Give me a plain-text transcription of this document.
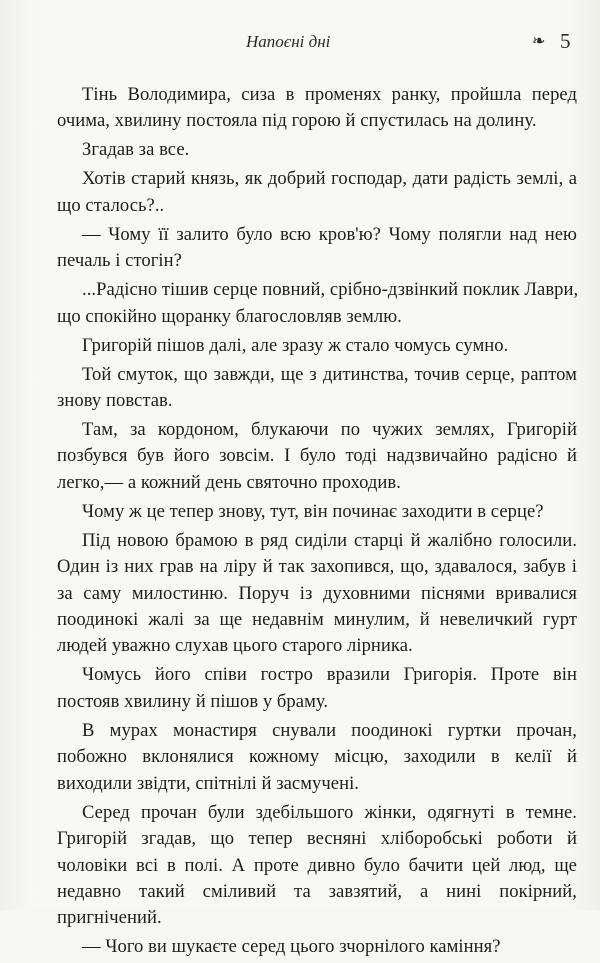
Напоєні дні	❧ 5
Тінь Володимира, сиза в променях ранку, пройшла перед
очима, хвилину постояла під горою й спустилась на долину.
Згадав за все.
Хотів старий князь, як добрий господар, дати радість землі, а
що сталось?..
— Чому її залито було всю кров'ю? Чому полягли над нею
печаль і стогін?
...Радісно тішив серце повний, срібно-дзвінкий поклик Лаври,
що спокійно щоранку благословляв землю.
Григорій пішов далі, але зразу ж стало чомусь сумно.
Той смуток, що завжди, ще з дитинства, точив серце, раптом
знову повстав.
Там, за кордоном, блукаючи по чужих землях, Григорій
позбувся був його зовсім. І було тоді надзвичайно радісно й
легко,— а кожний день святочно проходив.
Чому ж це тепер знову, тут, він починає заходити в серце?
Під новою брамою в ряд сиділи старці й жалібно голосили.
Один із них грав на ліру й так захопився, що, здавалося, забув і
за саму милостиню. Поруч із духовними піснями вривалися
поодинокі жалі за ще недавнім минулим, й невеличкий гурт
людей уважно слухав цього старого лірника.
Чомусь його співи гостро вразили Григорія. Проте він
постояв хвилину й пішов у браму.
В мурах монастиря снували поодинокі гуртки прочан,
побожно вклонялися кожному місцю, заходили в келії й
виходили звідти, спітнілі й засмучені.
Серед прочан були здебільшого жінки, одягнуті в темне.
Григорій згадав, що тепер весняні хліборобські роботи й
чоловіки всі в полі. А проте дивно було бачити цей люд, ще
недавно такий сміливий та завзятий, а нині покірний,
пригнічений.
— Чого ви шукаєте серед цього зчорнілого каміння?
